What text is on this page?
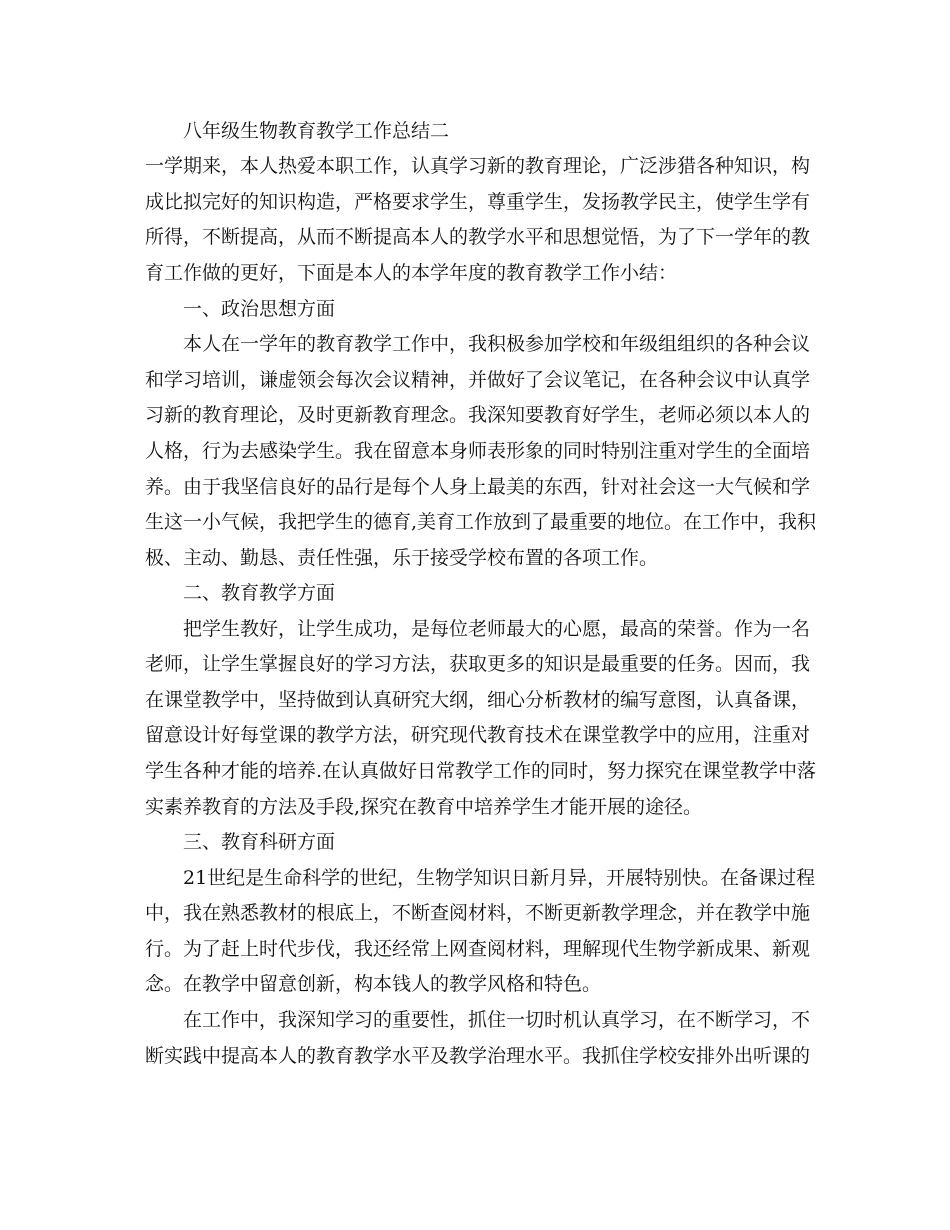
八年级生物教育教学工作总结二
一学期来，本人热爱本职工作，认真学习新的教育理论，广泛涉猎各种知识，构
成比拟完好的知识构造，严格要求学生，尊重学生，发扬教学民主，使学生学有
所得，不断提高，从而不断提高本人的教学水平和思想觉悟，为了下一学年的教
育工作做的更好，下面是本人的本学年度的教育教学工作小结：
一、政治思想方面
本人在一学年的教育教学工作中，我积极参加学校和年级组组织的各种会议
和学习培训，谦虚领会每次会议精神，并做好了会议笔记，在各种会议中认真学
习新的教育理论，及时更新教育理念。我深知要教育好学生，老师必须以本人的
人格，行为去感染学生。我在留意本身师表形象的同时特别注重对学生的全面培
养。由于我坚信良好的品行是每个人身上最美的东西，针对社会这一大气候和学
生这一小气候，我把学生的德育,美育工作放到了最重要的地位。在工作中，我积
极、主动、勤恳、责任性强，乐于接受学校布置的各项工作。
二、教育教学方面
把学生教好，让学生成功，是每位老师最大的心愿，最高的荣誉。作为一名
老师，让学生掌握良好的学习方法，获取更多的知识是最重要的任务。因而，我
在课堂教学中，坚持做到认真研究大纲，细心分析教材的编写意图，认真备课，
留意设计好每堂课的教学方法，研究现代教育技术在课堂教学中的应用，注重对
学生各种才能的培养.在认真做好日常教学工作的同时，努力探究在课堂教学中落
实素养教育的方法及手段,探究在教育中培养学生才能开展的途径。
三、教育科研方面
21世纪是生命科学的世纪，生物学知识日新月异，开展特别快。在备课过程
中，我在熟悉教材的根底上，不断查阅材料，不断更新教学理念，并在教学中施
行。为了赶上时代步伐，我还经常上网查阅材料，理解现代生物学新成果、新观
念。在教学中留意创新，构本钱人的教学风格和特色。
在工作中，我深知学习的重要性，抓住一切时机认真学习，在不断学习，不
断实践中提高本人的教育教学水平及教学治理水平。我抓住学校安排外出听课的
